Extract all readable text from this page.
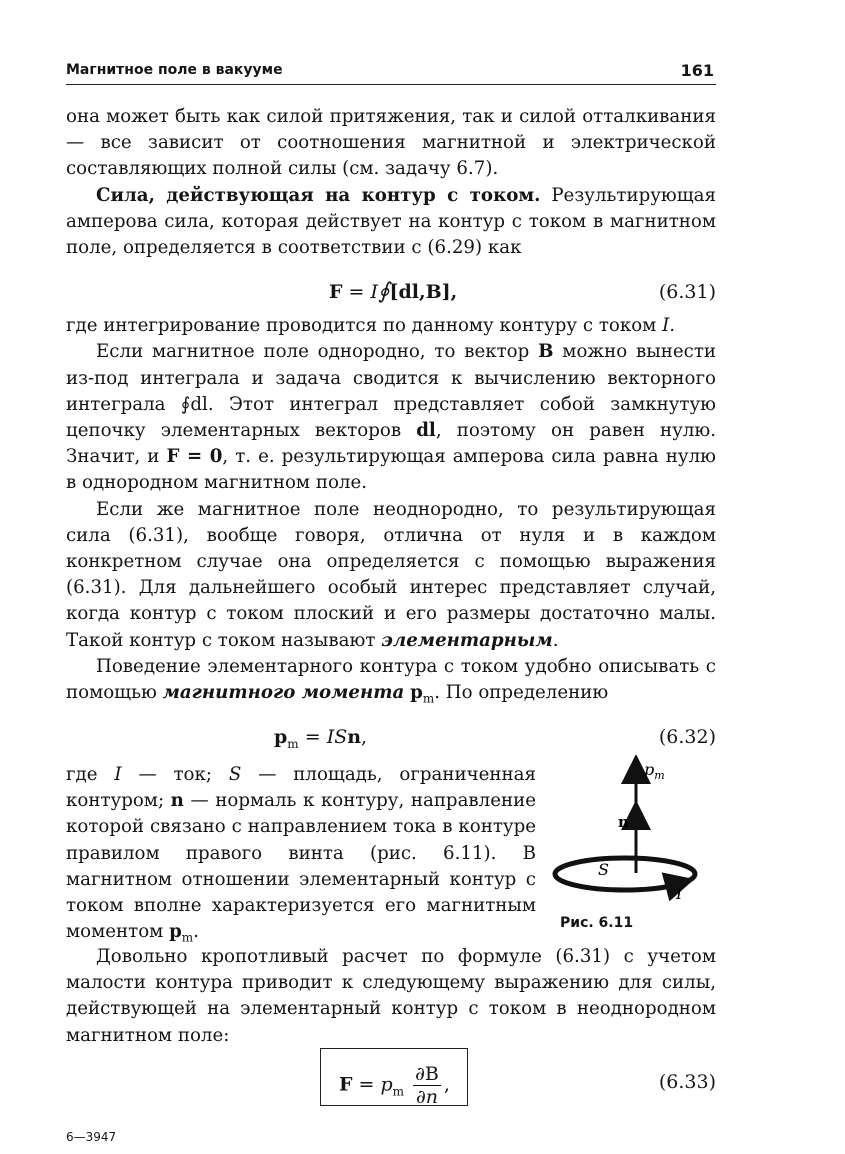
Магнитное поле в вакууме	161

она может быть как силой притяжения, так и силой отталкивания — все зависит от соотношения магнитной и электрической составляющих полной силы (см. задачу 6.7).

Сила, действующая на контур с током. Результирующая амперова сила, которая действует на контур с током в магнитном поле, определяется в соответствии с (6.29) как

F = I∮[dl,B],	(6.31)

где интегрирование проводится по данному контуру с током I.

Если магнитное поле однородно, то вектор B можно вынести из-под интеграла и задача сводится к вычислению векторного интеграла ∮dl. Этот интеграл представляет собой замкнутую цепочку элементарных векторов dl, поэтому он равен нулю. Значит, и F = 0, т. е. результирующая амперова сила равна нулю в однородном магнитном поле.

Если же магнитное поле неоднородно, то результирующая сила (6.31), вообще говоря, отлична от нуля и в каждом конкретном случае она определяется с помощью выражения (6.31). Для дальнейшего особый интерес представляет случай, когда контур с током плоский и его размеры достаточно малы. Такой контур с током называют элементарным.

Поведение элементарного контура с током удобно описывать с помощью магнитного момента $p_m$. По определению

$p_m$ = ISn,	(6.32)

где I — ток; S — площадь, ограниченная контуром; n — нормаль к контуру, направление которой связано с направлением тока в контуре правилом правого винта (рис. 6.11). В магнитном отношении элементарный контур с током вполне характеризуется его магнитным моментом $p_m$.

Довольно кропотливый расчет по формуле (6.31) с учетом малости контура приводит к следующему выражению для силы, действующей на элементарный контур с током в неоднородном магнитном поле:

$p_m$
n
S
I
Рис. 6.11
$F = p_m \frac{\partial B}{\partial n}$ ,	(6.33)
6—3947
